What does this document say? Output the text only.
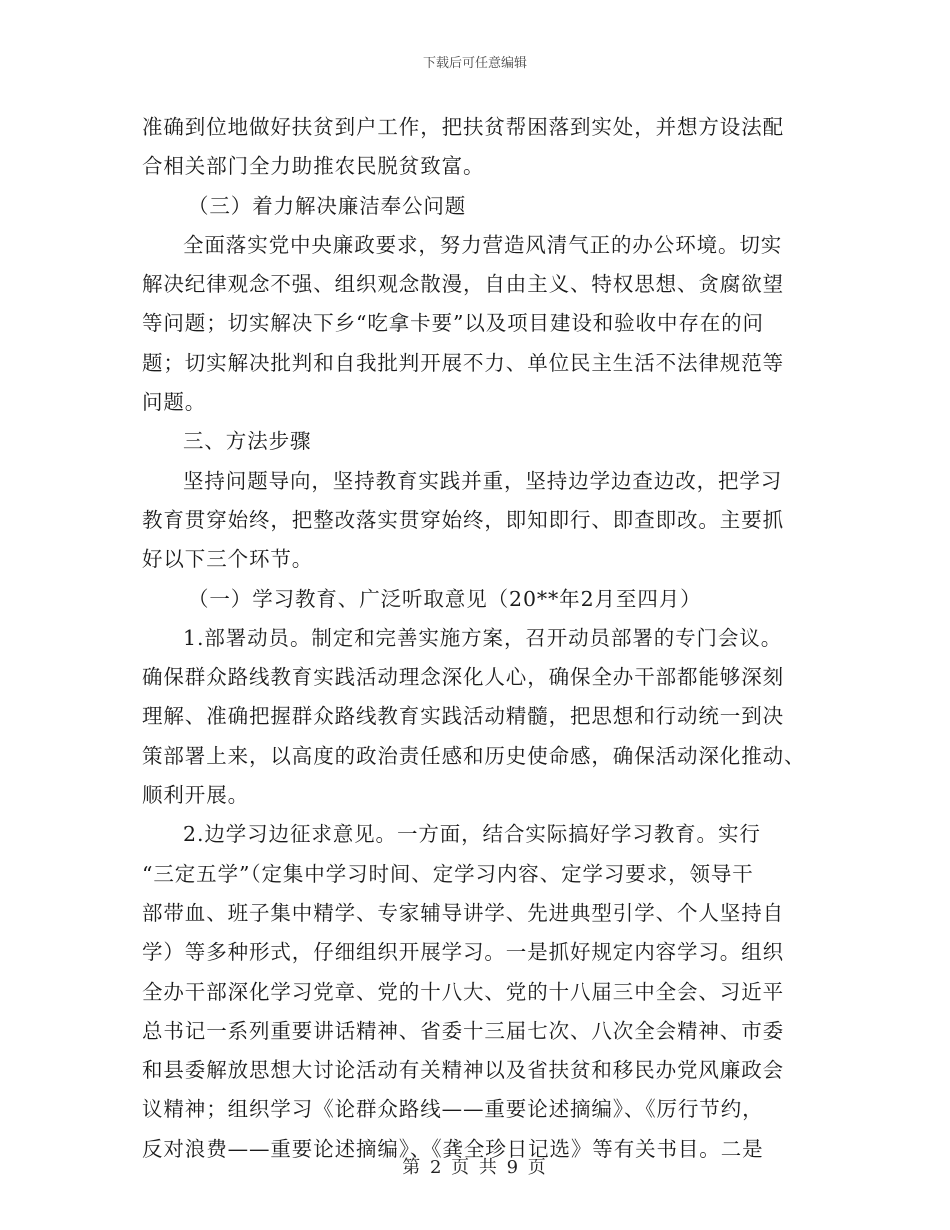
下载后可任意编辑
准确到位地做好扶贫到户工作，把扶贫帮困落到实处，并想方设法配
合相关部门全力助推农民脱贫致富。
（三）着力解决廉洁奉公问题
全面落实党中央廉政要求，努力营造风清气正的办公环境。切实
解决纪律观念不强、组织观念散漫，自由主义、特权思想、贪腐欲望
等问题；切实解决下乡“吃拿卡要”以及项目建设和验收中存在的问
题；切实解决批判和自我批判开展不力、单位民主生活不法律规范等
问题。
三、方法步骤
坚持问题导向，坚持教育实践并重，坚持边学边查边改，把学习
教育贯穿始终，把整改落实贯穿始终，即知即行、即查即改。主要抓
好以下三个环节。
（一）学习教育、广泛听取意见（20**年2月至四月）
1.部署动员。制定和完善实施方案，召开动员部署的专门会议。
确保群众路线教育实践活动理念深化人心，确保全办干部都能够深刻
理解、准确把握群众路线教育实践活动精髓，把思想和行动统一到决
策部署上来，以高度的政治责任感和历史使命感，确保活动深化推动、
顺利开展。
2.边学习边征求意见。一方面，结合实际搞好学习教育。实行
“三定五学”（定集中学习时间、定学习内容、定学习要求，领导干
部带血、班子集中精学、专家辅导讲学、先进典型引学、个人坚持自
学）等多种形式，仔细组织开展学习。一是抓好规定内容学习。组织
全办干部深化学习党章、党的十八大、党的十八届三中全会、习近平
总书记一系列重要讲话精神、省委十三届七次、八次全会精神、市委
和县委解放思想大讨论活动有关精神以及省扶贫和移民办党风廉政会
议精神；组织学习《论群众路线——重要论述摘编》、《厉行节约，
反对浪费——重要论述摘编》、《龚全珍日记选》等有关书目。二是
第 2 页 共 9 页
